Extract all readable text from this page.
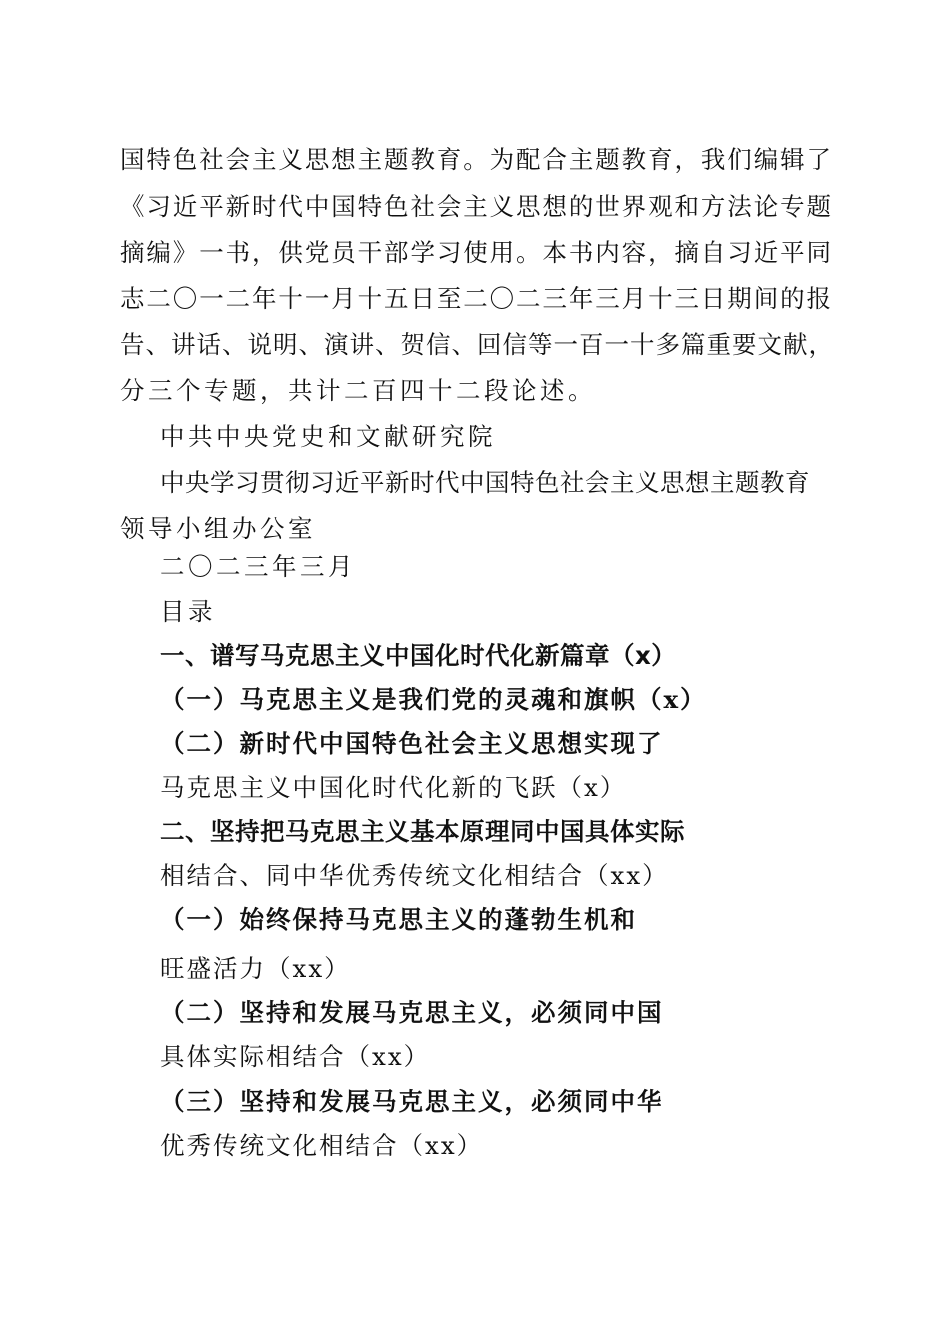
国特色社会主义思想主题教育。为配合主题教育，我们编辑了
《习近平新时代中国特色社会主义思想的世界观和方法论专题
摘编》一书，供党员干部学习使用。本书内容，摘自习近平同
志二〇一二年十一月十五日至二〇二三年三月十三日期间的报
告、讲话、说明、演讲、贺信、回信等一百一十多篇重要文献，
分三个专题，共计二百四十二段论述。
中共中央党史和文献研究院
中央学习贯彻习近平新时代中国特色社会主义思想主题教育
领导小组办公室
二〇二三年三月
目录
一、谱写马克思主义中国化时代化新篇章（x）
（一）马克思主义是我们党的灵魂和旗帜（x）
（二）新时代中国特色社会主义思想实现了
马克思主义中国化时代化新的飞跃（x）
二、坚持把马克思主义基本原理同中国具体实际
相结合、同中华优秀传统文化相结合（xx）
（一）始终保持马克思主义的蓬勃生机和
旺盛活力（xx）
（二）坚持和发展马克思主义，必须同中国
具体实际相结合（xx）
（三）坚持和发展马克思主义，必须同中华
优秀传统文化相结合（xx）
